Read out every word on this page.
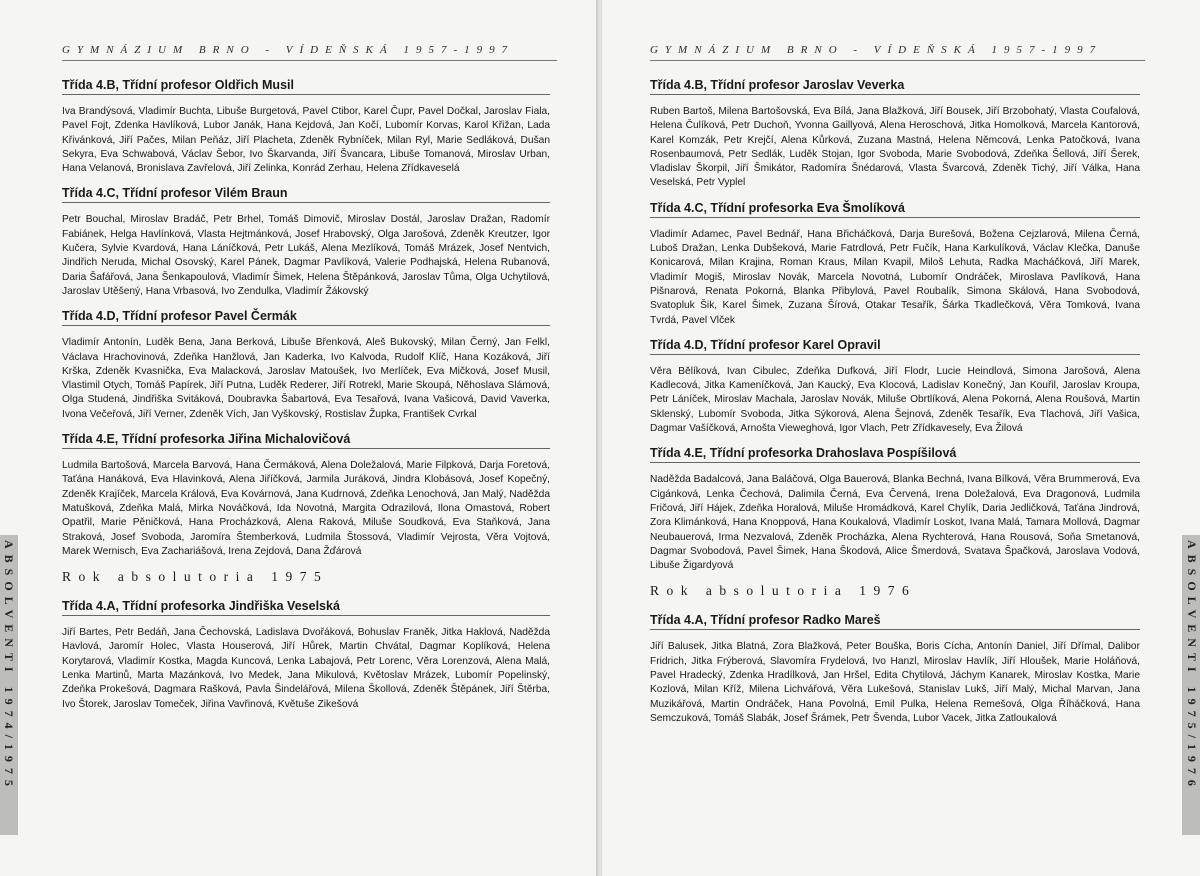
GYMNÁZIUM BRNO - VÍDEŇSKÁ 1957-1997
Třída 4.B, Třídní profesor Oldřich Musil

Iva Brandýsová, Vladimír Buchta, Libuše Burgetová, Pavel Ctibor, Karel Čupr, Pavel Dočkal, Jaroslav Fiala, Pavel Fojt, Zdenka Havlíková, Lubor Janák, Hana Kejdová, Jan Kočí, Lubomír Korvas, Karol Křižan, Lada Křivánková, Jiří Pačes, Milan Peňáz, Jiří Placheta, Zdeněk Rybníček, Milan Ryl, Marie Sedláková, Dušan Sekyra, Eva Schwabová, Václav Šebor, Ivo Škarvanda, Jiří Švancara, Libuše Tomanová, Miroslav Urban, Hana Velanová, Bronislava Zavřelová, Jiří Zelinka, Konrád Zerhau, Helena Zřídkaveselá

Třída 4.C, Třídní profesor Vilém Braun

Petr Bouchal, Miroslav Bradáč, Petr Brhel, Tomáš Dimovič, Miroslav Dostál, Jaroslav Dražan, Radomír Fabiánek, Helga Havlínková, Vlasta Hejtmánková, Josef Hrabovský, Olga Jarošová, Zdeněk Kreutzer, Igor Kučera, Sylvie Kvardová, Hana Láníčková, Petr Lukáš, Alena Mezlíková, Tomáš Mrázek, Josef Nentvich, Jindřich Neruda, Michal Osovský, Karel Pánek, Dagmar Pavlíková, Valerie Podhajská, Helena Rubanová, Daria Šafářová, Jana Šenkapoulová, Vladimír Šimek, Helena Štěpánková, Jaroslav Tůma, Olga Uchytilová, Jaroslav Utěšený, Hana Vrbasová, Ivo Zendulka, Vladimír Žákovský

Třída 4.D, Třídní profesor Pavel Čermák

Vladimír Antonín, Luděk Bena, Jana Berková, Libuše Břenková, Aleš Bukovský, Milan Černý, Jan Felkl, Václava Hrachovinová, Zdeňka Hanžlová, Jan Kaderka, Ivo Kalvoda, Rudolf Klíč, Hana Kozáková, Jiří Krška, Zdeněk Kvasnička, Eva Malacková, Jaroslav Matoušek, Ivo Merlíček, Eva Mičková, Josef Musil, Vlastimil Otych, Tomáš Papírek, Jiří Putna, Luděk Rederer, Jiří Rotrekl, Marie Skoupá, Něhoslava Slámová, Olga Studená, Jindřiška Svitáková, Doubravka Šabartová, Eva Tesařová, Ivana Vašicová, David Vaverka, Ivona Večeřová, Jiří Verner, Zdeněk Vích, Jan Vyškovský, Rostislav Župka, František Cvrkal

Třída 4.E, Třídní profesorka Jiřina Michalovičová

Ludmila Bartošová, Marcela Barvová, Hana Čermáková, Alena Doležalová, Marie Filpková, Darja Foretová, Taťána Hanáková, Eva Hlavinková, Alena Jiříčková, Jarmila Juráková, Jindra Klobásová, Josef Kopečný, Zdeněk Krajíček, Marcela Králová, Eva Kovárnová, Jana Kudrnová, Zdeňka Lenochová, Jan Malý, Naděžda Matušková, Zdeňka Malá, Mirka Nováčková, Ida Novotná, Margita Odrazilová, Ilona Omastová, Robert Opatřil, Marie Pěničková, Hana Procházková, Alena Raková, Miluše Soudková, Eva Staňková, Jana Straková, Josef Svoboda, Jaromíra Štemberková, Ludmila Štossová, Vladimír Vejrosta, Věra Vojtová, Marek Wernisch, Eva Zachariášová, Irena Zejdová, Dana Žďárová

Rok absolutoria 1975
Třída 4.A, Třídní profesorka Jindřiška Veselská

Jiří Bartes, Petr Bedáň, Jana Čechovská, Ladislava Dvořáková, Bohuslav Franěk, Jitka Haklová, Naděžda Havlová, Jaromír Holec, Vlasta Houserová, Jiří Hůrek, Martin Chvátal, Dagmar Koplíková, Helena Korytarová, Vladimír Kostka, Magda Kuncová, Lenka Labajová, Petr Lorenc, Věra Lorenzová, Alena Malá, Lenka Martinů, Marta Mazánková, Ivo Medek, Jana Mikulová, Květoslav Mrázek, Lubomír Popelinský, Zdeňka Prokešová, Dagmara Rašková, Pavla Šindelářová, Milena Škollová, Zdeněk Štěpánek, Jiří Štěrba, Ivo Štorek, Jaroslav Tomeček, Jiřina Vavřinová, Květuše Zikešová

ABSOLVENTI 1974/1975
GYMNÁZIUM BRNO - VÍDEŇSKÁ 1957-1997
Třída 4.B, Třídní profesor Jaroslav Veverka

Ruben Bartoš, Milena Bartošovská, Eva Bílá, Jana Blažková, Jiří Bousek, Jiří Brzobohatý, Vlasta Coufalová, Helena Čulíková, Petr Duchoň, Yvonna Gaillyová, Alena Heroschová, Jitka Homolková, Marcela Kantorová, Karel Komzák, Petr Krejčí, Alena Kůrková, Zuzana Mastná, Helena Němcová, Lenka Patočková, Ivana Rosenbaumová, Petr Sedlák, Luděk Stojan, Igor Svoboda, Marie Svobodová, Zdeňka Šellová, Jiří Šerek, Vladislav Škorpil, Jiří Šmikátor, Radomíra Šnédarová, Vlasta Švarcová, Zdeněk Tichý, Jiří Válka, Hana Veselská, Petr Vyplel

Třída 4.C, Třídní profesorka Eva Šmolíková

Vladimír Adamec, Pavel Bednář, Hana Břicháčková, Darja Burešová, Božena Cejzlarová, Milena Černá, Luboš Dražan, Lenka Dubšeková, Marie Fatrdlová, Petr Fučík, Hana Karkulíková, Václav Klečka, Danuše Konicarová, Milan Krajina, Roman Kraus, Milan Kvapil, Miloš Lehuta, Radka Macháčková, Jiří Marek, Vladimír Mogiš, Miroslav Novák, Marcela Novotná, Lubomír Ondráček, Miroslava Pavlíková, Hana Pišnarová, Renata Pokorná, Blanka Přibylová, Pavel Roubalík, Simona Skálová, Hana Svobodová, Svatopluk Šik, Karel Šimek, Zuzana Šírová, Otakar Tesařík, Šárka Tkadlečková, Věra Tomková, Ivana Tvrdá, Pavel Vlček

Třída 4.D, Třídní profesor Karel Opravil

Věra Bělíková, Ivan Cibulec, Zdeňka Dufková, Jiří Flodr, Lucie Heindlová, Simona Jarošová, Alena Kadlecová, Jitka Kameníčková, Jan Kaucký, Eva Klocová, Ladislav Konečný, Jan Kouřil, Jaroslav Kroupa, Petr Láníček, Miroslav Machala, Jaroslav Novák, Miluše Obrtlíková, Alena Pokorná, Alena Roušová, Martin Sklenský, Lubomír Svoboda, Jitka Sýkorová, Alena Šejnová, Zdeněk Tesařík, Eva Tlachová, Jiří Vašica, Dagmar Vašíčková, Arnošta Vieweghová, Igor Vlach, Petr Zřídkavesely, Eva Žilová

Třída 4.E, Třídní profesorka Drahoslava Pospíšilová

Naděžda Badalcová, Jana Baláčová, Olga Bauerová, Blanka Bechná, Ivana Bílková, Věra Brummerová, Eva Cigánková, Lenka Čechová, Dalimila Černá, Eva Červená, Irena Doležalová, Eva Dragonová, Ludmila Fričová, Jiří Hájek, Zdeňka Horalová, Miluše Hromádková, Karel Chylík, Daria Jedličková, Taťána Jindrová, Zora Klimánková, Hana Knoppová, Hana Koukalová, Vladimír Loskot, Ivana Malá, Tamara Mollová, Dagmar Neubauerová, Irma Nezvalová, Zdeněk Procházka, Alena Rychterová, Hana Rousová, Soňa Smetanová, Dagmar Svobodová, Pavel Šimek, Hana Škodová, Alice Šmerdová, Svatava Špačková, Jaroslava Vodová, Libuše Žigardyová

Rok absolutoria 1976
Třída 4.A, Třídní profesor Radko Mareš

Jiří Balusek, Jitka Blatná, Zora Blažková, Peter Bouška, Boris Cícha, Antonín Daniel, Jiří Dřímal, Dalibor Fridrich, Jitka Frýberová, Slavomíra Frydelová, Ivo Hanzl, Miroslav Havlík, Jiří Hloušek, Marie Holáňová, Pavel Hradecký, Zdenka Hradílková, Jan Hršel, Edita Chytilová, Jáchym Kanarek, Miroslav Kostka, Marie Kozlová, Milan Kříž, Milena Lichvářová, Věra Lukešová, Stanislav Lukš, Jiří Malý, Michal Marvan, Jana Muzikářová, Martin Ondráček, Hana Povolná, Emil Pulka, Helena Remešová, Olga Říháčková, Hana Semczuková, Tomáš Slabák, Josef Šrámek, Petr Švenda, Lubor Vacek, Jitka Zatloukalová	ABSOLVENTI 1975/1976
